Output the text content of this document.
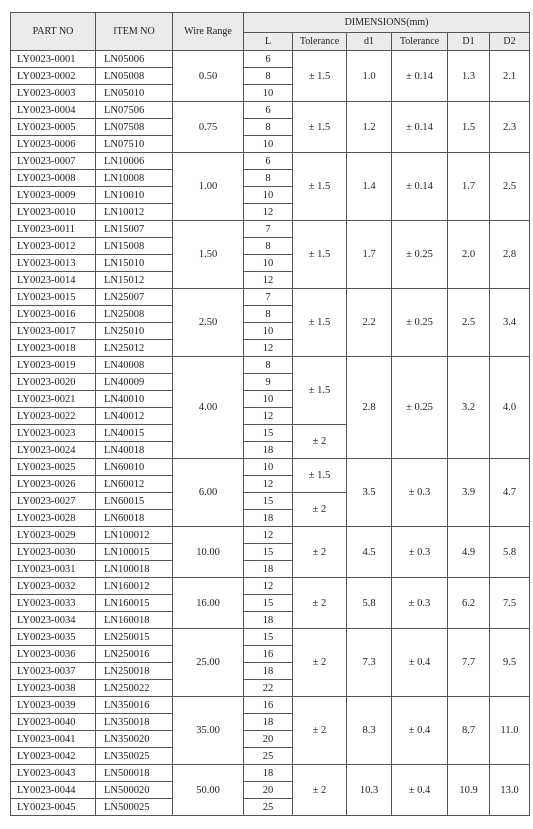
PART NO	ITEM NO	Wire Range	DIMENSIONS(mm)					
			L	Tolerance	d1	Tolerance	D1	D2
LY0023-0001	LN05006	0.50	6	± 1.5	1.0	± 0.14	1.3	2.1
LY0023-0002	LN05008		8					
LY0023-0003	LN05010		10					
LY0023-0004	LN07506	0.75	6	± 1.5	1.2	± 0.14	1.5	2.3
LY0023-0005	LN07508		8					
LY0023-0006	LN07510		10					
LY0023-0007	LN10006	1.00	6	± 1.5	1.4	± 0.14	1.7	2.5
LY0023-0008	LN10008		8					
LY0023-0009	LN10010		10					
LY0023-0010	LN10012		12					
LY0023-0011	LN15007	1.50	7	± 1.5	1.7	± 0.25	2.0	2.8
LY0023-0012	LN15008		8					
LY0023-0013	LN15010		10					
LY0023-0014	LN15012		12					
LY0023-0015	LN25007	2.50	7	± 1.5	2.2	± 0.25	2.5	3.4
LY0023-0016	LN25008		8					
LY0023-0017	LN25010		10					
LY0023-0018	LN25012		12					
LY0023-0019	LN40008	4.00	8	± 1.5	2.8	± 0.25	3.2	4.0
LY0023-0020	LN40009		9					
LY0023-0021	LN40010		10					
LY0023-0022	LN40012		12					
LY0023-0023	LN40015		15	± 2				
LY0023-0024	LN40018		18					
LY0023-0025	LN60010	6.00	10	± 1.5	3.5	± 0.3	3.9	4.7
LY0023-0026	LN60012		12					
LY0023-0027	LN60015		15	± 2				
LY0023-0028	LN60018		18					
LY0023-0029	LN100012	10.00	12	± 2	4.5	± 0.3	4.9	5.8
LY0023-0030	LN100015		15					
LY0023-0031	LN100018		18					
LY0023-0032	LN160012	16.00	12	± 2	5.8	± 0.3	6.2	7.5
LY0023-0033	LN160015		15					
LY0023-0034	LN160018		18					
LY0023-0035	LN250015	25.00	15	± 2	7.3	± 0.4	7.7	9.5
LY0023-0036	LN250016		16					
LY0023-0037	LN250018		18					
LY0023-0038	LN250022		22					
LY0023-0039	LN350016	35.00	16	± 2	8.3	± 0.4	8.7	11.0
LY0023-0040	LN350018		18					
LY0023-0041	LN350020		20					
LY0023-0042	LN350025		25					
LY0023-0043	LN500018	50.00	18	± 2	10.3	± 0.4	10.9	13.0
LY0023-0044	LN500020		20					
LY0023-0045	LN500025		25					
